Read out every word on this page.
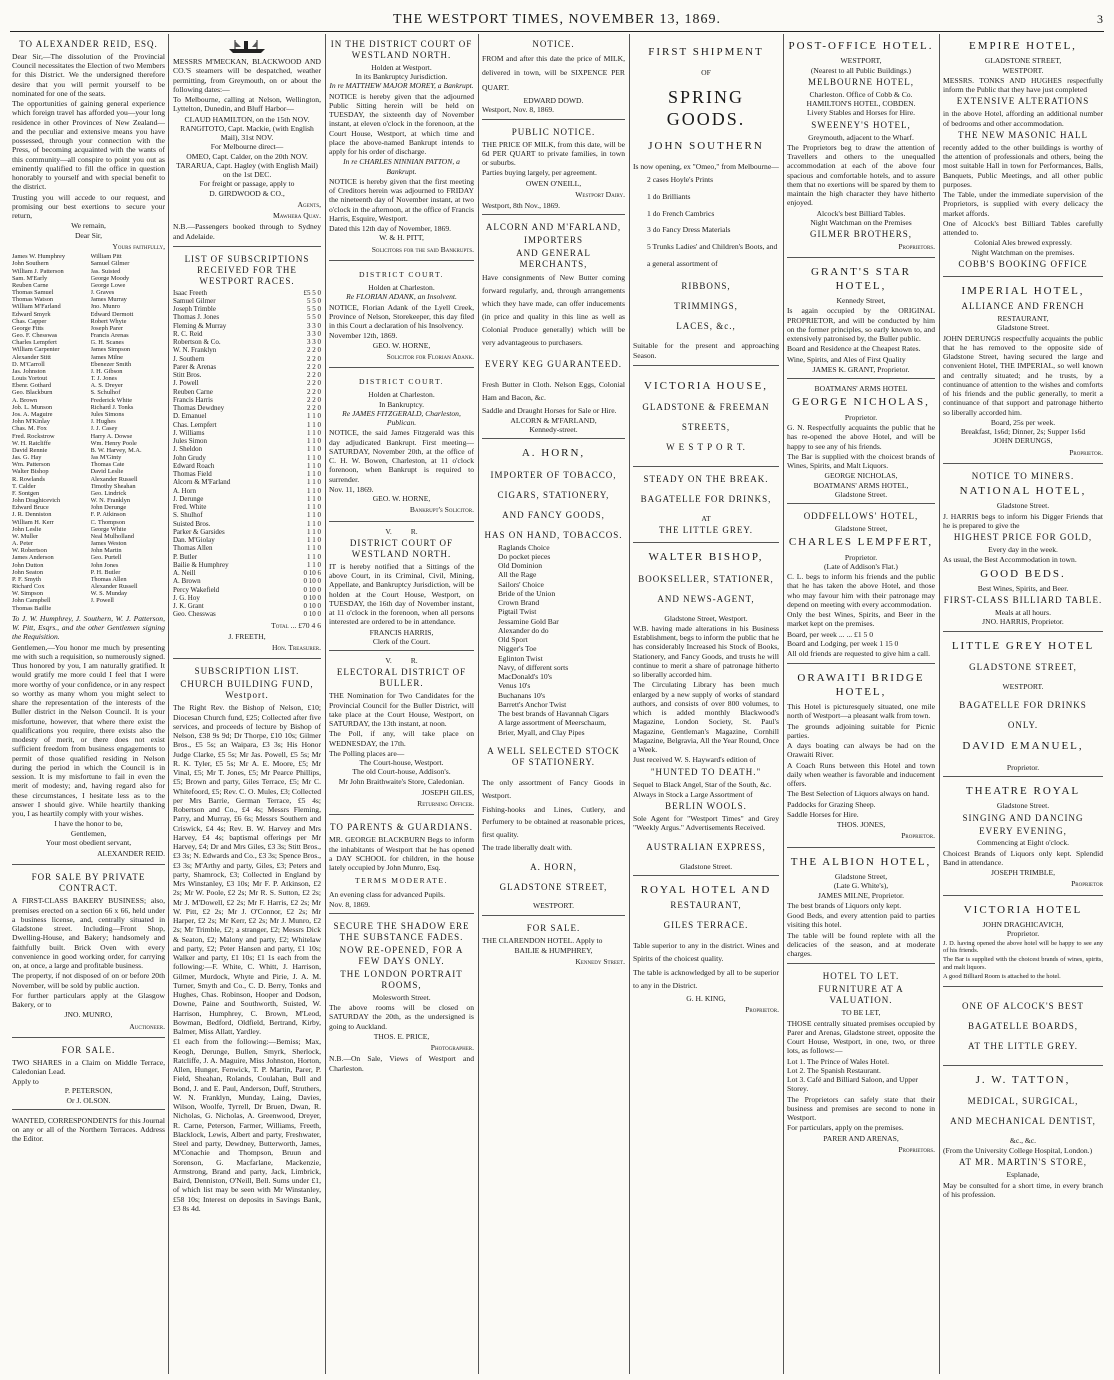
THE WESTPORT TIMES, NOVEMBER 13, 1869.	3
TO ALEXANDER REID, ESQ.

Dear Sir,—The dissolution of the Provincial Council necessitates the Election of two Members for this District. We the undersigned therefore desire that you will permit yourself to be nominated for one of the seats.

The opportunities of gaining general experience which foreign travel has afforded you—your long residence in other Provinces of New Zealand—and the peculiar and extensive means you have possessed, through your connection with the Press, of becoming acquainted with the wants of this community—all conspire to point you out as eminently qualified to fill the office in question honorably to yourself and with special benefit to the district.

Trusting you will accede to our request, and promising our best exertions to secure your return,

We remain,
Dear Sir,
Yours faithfully,
James W. Humphrey	William Pitt
John Southern	Samuel Gilmer
William J. Patterson	Jas. Suisted
Sam. M'Early	George Moody
Reuben Carne	George Lowe
Thomas Samuel	J. Graves
Thomas Watson	James Murray
William M'Farland	Jno. Munro
Edward Smyrk	Edward Dermott
Chas. Capper	Robert Whyte
George Fitts	Joseph Parer
Geo. F. Chesswas	Francis Arenas
Charles Lempfert	G. H. Scanes
William Carpenter	James Simpson
Alexander Stitt	James Milne
D. M'Carroll	Ebenezer Smith
Jas. Johnston	J. H. Gibson
Louis Yortout	T. J. Jones
Ebenr. Gothard	A. S. Dreyer
Geo. Blackburn	S. Schulhof
A. Brown	Frederick White
Job. L. Munson	Richard J. Tonks
Jos. A. Maguire	Jules Simons
John M'Kinlay	J. Hughes
Chas. M. Fox	J. J. Casey
Fred. Rockstrow	Harry A. Dowse
W. H. Ratcliffe	Wm. Henry Poole
David Rennie	B. W. Harvey, M.A.
Jas. G. Hay	Jas M'Ginty
Wm. Patterson	Thomas Cate
Walter Bishop	David Leslie
R. Rowlands	Alexander Russell
T. Calder	Timothy Sheahan
F. Sontgen	Geo. Lindrick
John Draghicevich	W. N. Franklyn
Edward Bruce	John Derunge
J. R. Denniston	F. P. Atkinson
William H. Kerr	C. Thompson
John Leslie	George White
W. Muller	Neal Mulholland
A. Peter	James Weston
W. Robertson	John Martin
James Anderson	Geo. Purtell
John Dutton	John Jones
John Seaton	P. H. Butler
P. F. Smyth	Thomas Allen
Richard Cox	Alexander Russell
W. Simpson	W. S. Munday
John Campbell	J. Powell
Thomas Baillie

To J. W. Humphrey, J. Southern, W. J. Patterson, W. Pitt, Esqrs., and the other Gentlemen signing the Requisition.

Gentlemen,—You honor me much by presenting me with such a requisition, so numerously signed. Thus honored by you, I am naturally gratified. It would gratify me more could I feel that I were more worthy of your confidence, or in any respect so worthy as many whom you might select to share the representation of the interests of the Buller district in the Nelson Council. It is your misfortune, however, that where there exist the qualifications you require, there exists also the modesty of merit, or there does not exist sufficient freedom from business engagements to permit of those qualified residing in Nelson during the period in which the Council is in session. It is my misfortune to fail in even the merit of modesty; and, having regard also for these circumstances, I hesitate less as to the answer I should give. While heartily thanking you, I as heartily comply with your wishes.

I have the honor to be,
Gentlemen,
Your most obedient servant,
ALEXANDER REID.
FOR SALE BY PRIVATE CONTRACT.

A FIRST-CLASS BAKERY BUSINESS; also, premises erected on a section 66 x 66, held under a business license, and, centrally situated in Gladstone street. Including—Front Shop, Dwelling-House, and Bakery; handsomely and faithfully built. Brick Oven with every convenience in good working order, for carrying on, at once, a large and profitable business.

The property, if not disposed of on or before 20th November, will be sold by public auction.

For further particulars apply at the Glasgow Bakery, or to

JNO. MUNRO,
Auctioneer.
FOR SALE.

TWO SHARES in a Claim on Middle Terrace, Caledonian Lead.

Apply to
P. PETERSON,
Or J. OLSON.

WANTED, CORRESPONDENTS for this Journal on any or all of the Northern Terraces. Address the Editor.

MESSRS M'MECKAN, BLACKWOOD AND CO.'S steamers will be despatched, weather permitting, from Greymouth, on or about the following dates:—

To Melbourne, calling at Nelson, Wellington, Lyttelton, Dunedin, and Bluff Harbor—

CLAUD HAMILTON, on the 15th NOV.
RANGITOTO, Capt. Mackie, (with English Mail), 31st NOV.
For Melbourne direct—
OMEO, Capt. Calder, on the 20th NOV.
TARARUA, Capt. Hagley (with English Mail) on the 1st DEC.
For freight or passage, apply to
D. GIRDWOOD & CO.,
Agents,
Mawhera Quay.

N.B.—Passengers booked through to Sydney and Adelaide.

LIST OF SUBSCRIPTIONS RECEIVED FOR THE WESTPORT RACES.
Isaac Freeth	£5 5 0
Samuel Gilmer	5 5 0
Joseph Trimble	5 5 0
Thomas J. Jones	5 5 0
Fleming & Murray	3 3 0
R. C. Reid	3 3 0
Robertson & Co.	3 3 0
W. N. Franklyn	2 2 0
J. Southern	2 2 0
Parer & Arenas	2 2 0
Stitt Bros.	2 2 0
J. Powell	2 2 0
Reuben Carne	2 2 0
Francis Harris	2 2 0
Thomas Dewdney	2 2 0
D. Emanuel	1 1 0
Chas. Lempfert	1 1 0
J. Williams	1 1 0
Jules Simon	1 1 0
J. Sheldon	1 1 0
John Grudy	1 1 0
Edward Roach	1 1 0
Thomas Field	1 1 0
Alcorn & M'Farland	1 1 0
A. Horn	1 1 0
J. Derunge	1 1 0
Fred. White	1 1 0
S. Shulhof	1 1 0
Suisted Bros.	1 1 0
Parker & Garsides	1 1 0
Dan. M'Giolay	1 1 0
Thomas Allen	1 1 0
P. Butler	1 1 0
Bailie & Humphrey	1 1 0
A. Neill	0 10 6
A. Brown	0 10 0
Percy Wakefield	0 10 0
J. G. Hoy	0 10 0
J. K. Grant	0 10 0
Geo. Chesswas	0 10 0
Total ... £70 4 6
J. FREETH,
Hon. Treasurer.
SUBSCRIPTION LIST.
CHURCH BUILDING FUND, Westport.

The Right Rev. the Bishop of Nelson, £10; Diocesan Church fund, £25; Collected after five services, and proceeds of lecture by Bishop of Nelson, £38 9s 9d; Dr Thorpe, £10 10s; Gilmer Bros., £5 5s; an Waipara, £3 3s; His Honor Judge Clarke, £5 5s; Mr Jas. Powell, £5 5s; Mr R. K. Tyler, £5 5s; Mr A. E. Moore, £5; Mr Vinal, £5; Mr T. Jones, £5; Mr Pearce Phillips, £5; Brown and party, Giles Terrace, £5; Mr C. Whitefoord, £5; Rev. C. O. Mules, £3; Collected per Mrs Barrie, German Terrace, £5 4s; Robertson and Co., £4 4s; Messrs Fleming, Parry, and Murray, £6 6s; Messrs Southern and Criswick, £4 4s; Rev. B. W. Harvey and Mrs Harvey, £4 4s; baptismal offerings per Mr Harvey, £4; Dr and Mrs Giles, £3 3s; Stitt Bros., £3 3s; N. Edwards and Co., £3 3s; Spence Bros., £3 3s; M'Arthy and party, Giles, £3; Peters and party, Shamrock, £3; Collected in England by Mrs Winstanley, £3 10s; Mr F. P. Atkinson, £2 2s; Mr W. Poole, £2 2s; Mr R. S. Sutton, £2 2s; Mr J. M'Dowell, £2 2s; Mr F. Harris, £2 2s; Mr W. Pitt, £2 2s; Mr J. O'Connor, £2 2s; Mr Harper, £2 2s; Mr Kerr, £2 2s; Mr J. Munro, £2 2s; Mr Trimble, £2; a stranger, £2; Messrs Dick & Seaton, £2; Malony and party, £2; Whitelaw and party, £2; Peter Hansen and party, £1 10s; Walker and party, £1 10s; £1 1s each from the following:—F. White, C. Whitt, J. Harrison, Gilmer, Murdock, Whyte and Pirie, J. A. M. Turner, Smyth and Co., C. D. Berry, Tonks and Hughes, Chas. Robinson, Hooper and Dodson, Downe, Paine and Southworth, Suisted, W. Harrison, Humphrey, C. Brown, M'Leod, Bowman, Bedford, Oldfield, Bertrand, Kirby, Balmer, Miss Allatt, Yardley.

£1 each from the following:—Bemiss; Max, Keogh, Derunge, Bullen, Smyrk, Sherlock, Ratcliffe, J. A. Maguire, Miss Johnston, Horton, Allen, Hunger, Fenwick, T. P. Martin, Parer, P. Field, Sheahan, Rolands, Coulahan, Bull and Bond, J. and E. Paul, Anderson, Duff, Struthers, W. N. Franklyn, Munday, Laing, Davies, Wilson, Woolfe, Tyrrell, Dr Bruen, Dwan, R. Nicholas, G. Nicholas, A. Greenwood, Dreyer, R. Carne, Peterson, Farmer, Williams, Freeth, Blacklock, Lewis, Albert and party, Freshwater, Steel and party, Dewdney, Butterworth, James, M'Conachie and Thompson, Bruun and Sorenson, G. Macfarlane, Mackenzie, Armstrong, Brand and party, Jack, Limbrick, Baird, Denniston, O'Neill, Bell. Sums under £1, of which list may be seen with Mr Winstanley, £58 10s; Interest on deposits in Savings Bank, £3 8s 4d.

IN THE DISTRICT COURT OF WESTLAND NORTH.
Holden at Westport.
In its Bankruptcy Jurisdiction.
In re MATTHEW MAJOR MOREY, a Bankrupt.

NOTICE is hereby given that the adjourned Public Sitting herein will be held on TUESDAY, the sixteenth day of November instant, at eleven o'clock in the forenoon, at the Court House, Westport, at which time and place the above-named Bankrupt intends to apply for his order of discharge.

In re CHARLES NINNIAN PATTON, a Bankrupt.

NOTICE is hereby given that the first meeting of Creditors herein was adjourned to FRIDAY the nineteenth day of November instant, at two o'clock in the afternoon, at the office of Francis Harris, Esquire, Westport.

Dated this 12th day of November, 1869.
W. & H. PITT,
Solicitors for the said Bankrupts.
DISTRICT COURT.
Holden at Charleston.
Re FLORIAN ADANK, an Insolvent.

NOTICE, Florian Adank of the Lyell Creek, Province of Nelson, Storekeeper, this day filed in this Court a declaration of his Insolvency.

November 12th, 1869.
GEO. W. HORNE,
Solicitor for Florian Adank.
DISTRICT COURT.
Holden at Charleston.
In Bankruptcy.
Re JAMES FITZGERALD, Charleston, Publican.

NOTICE, the said James Fitzgerald was this day adjudicated Bankrupt. First meeting—SATURDAY, November 20th, at the office of C. H. W. Bowen, Charleston, at 11 o'clock forenoon, when Bankrupt is required to surrender.

Nov. 11, 1869.
GEO. W. HORNE,
Bankrupt's Solicitor.
V.          R.
DISTRICT COURT OF WESTLAND NORTH.

IT is hereby notified that a Sittings of the above Court, in its Criminal, Civil, Mining, Appellate, and Bankruptcy Jurisdiction, will be holden at the Court House, Westport, on TUESDAY, the 16th day of November instant, at 11 o'clock in the forenoon, when all persons interested are ordered to be in attendance.

FRANCIS HARRIS,
Clerk of the Court.
V.          R.
ELECTORAL DISTRICT OF BULLER.

THE Nomination for Two Candidates for the Provincial Council for the Buller District, will take place at the Court House, Westport, on SATURDAY, the 13th instant, at noon.

The Poll, if any, will take place on WEDNESDAY, the 17th.

The Polling places are—
The Court-house, Westport.
The old Court-house, Addison's.
Mr John Braithwaite's Store, Caledonian.
JOSEPH GILES,
Returning Officer.
TO PARENTS & GUARDIANS.

MR. GEORGE BLACKBURN Begs to inform the inhabitants of Westport that he has opened a DAY SCHOOL for children, in the house lately occupied by John Munro, Esq.

TERMS MODERATE.

An evening class for advanced Pupils.

Nov. 8, 1869.
SECURE THE SHADOW ERE THE SUBSTANCE FADES.
NOW RE-OPENED, FOR A FEW DAYS ONLY.
THE LONDON PORTRAIT ROOMS,
Molesworth Street.

The above rooms will be closed on SATURDAY the 20th, as the undersigned is going to Auckland.

THOS. E. PRICE,
Photographer.

N.B.—On Sale, Views of Westport and Charleston.

NOTICE.

FROM and after this date the price of MILK, delivered in town, will be SIXPENCE PER QUART.

EDWARD DOWD.
Westport, Nov. 8, 1869.
PUBLIC NOTICE.

THE PRICE OF MILK, from this date, will be 6d PER QUART to private families, in town or suburbs.

Parties buying largely, per agreement.

OWEN O'NEILL,
Westport Dairy.
Westport, 8th Nov., 1869.
ALCORN AND M'FARLAND,
IMPORTERS
AND GENERAL MERCHANTS,

Have consignments of New Butter coming forward regularly, and, through arrangements which they have made, can offer inducements (in price and quality in this line as well as Colonial Produce generally) which will be very advantageous to purchasers.

EVERY KEG GUARANTEED.

Fresh Butter in Cloth. Nelson Eggs, Colonial Ham and Bacon, &c.

Saddle and Draught Horses for Sale or Hire.

ALCORN & M'FARLAND,
Kennedy-street.
A. HORN,
IMPORTER OF TOBACCO,
CIGARS, STATIONERY,
AND FANCY GOODS,
HAS ON HAND, TOBACCOS.
Raglands Choice
Do pocket pieces
Old Dominion
All the Rage
Sailors' Choice
Bride of the Union
Crown Brand
Pigtail Twist
Jessamine Gold Bar
Alexander do do
Old Sport
Nigger's Toe
Eglinton Twist
Navy, of different sorts
MacDonald's 10's
Venus 10's
Buchanans 10's
Barrett's Anchor Twist
The best brands of Havannah Cigars
A large assortment of Meerschaum, Brier, Myall, and Clay Pipes
A WELL SELECTED STOCK OF STATIONERY.

The only assortment of Fancy Goods in Westport.

Fishing-hooks and Lines, Cutlery, and Perfumery to be obtained at reasonable prices, first quality.

The trade liberally dealt with.

A. HORN,
GLADSTONE STREET,
WESTPORT.
FOR SALE.

THE CLARENDON HOTEL. Apply to

BAILIE & HUMPHREY,
Kennedy Street.
FIRST SHIPMENT
OF
SPRING GOODS.
JOHN SOUTHERN

Is now opening, ex "Omeo," from Melbourne—

2 cases Hoyle's Prints
1 do Brilliants
1 do French Cambrics
3 do Fancy Dress Materials
5 Trunks Ladies' and Children's Boots, and a general assortment of
RIBBONS,
TRIMMINGS,
LACES, &c.,

Suitable for the present and approaching Season.

VICTORIA HOUSE,
GLADSTONE & FREEMAN
STREETS,
W E S T P O R T.
STEADY ON THE BREAK.
BAGATELLE FOR DRINKS,
AT
THE LITTLE GREY.
WALTER BISHOP,
BOOKSELLER, STATIONER,
AND NEWS-AGENT,
Gladstone Street, Westport.

W.B. having made alterations in his Business Establishment, begs to inform the public that he has considerably Increased his Stock of Books, Stationery, and Fancy Goods, and trusts he will continue to merit a share of patronage hitherto so liberally accorded him.

The Circulating Library has been much enlarged by a new supply of works of standard authors, and consists of over 800 volumes, to which is added monthly Blackwood's Magazine, London Society, St. Paul's Magazine, Gentleman's Magazine, Cornhill Magazine, Belgravia, All the Year Round, Once a Week.

Just received W. S. Hayward's edition of

"HUNTED TO DEATH."

Sequel to Black Angel, Star of the South, &c.

Always in Stock a Large Assortment of

BERLIN WOOLS.

Sole Agent for "Westport Times" and Grey "Weekly Argus." Advertisements Received.

AUSTRALIAN EXPRESS,
Gladstone Street.
ROYAL HOTEL AND
RESTAURANT,
GILES TERRACE.

Table superior to any in the district. Wines and Spirits of the choicest quality.

The table is acknowledged by all to be superior to any in the District.

G. H. KING,
Proprietor.
POST-OFFICE HOTEL.
WESTPORT,
(Nearest to all Public Buildings.)
MELBOURNE HOTEL,
Charleston. Office of Cobb & Co.
HAMILTON'S HOTEL, COBDEN.
Livery Stables and Horses for Hire.
SWEENEY'S HOTEL,
Greymouth, adjacent to the Wharf.

The Proprietors beg to draw the attention of Travellers and others to the unequalled accommodation at each of the above four spacious and comfortable hotels, and to assure them that no exertions will be spared by them to maintain the high character they have hitherto enjoyed.

Alcock's best Billiard Tables.
Night Watchman on the Premises
GILMER BROTHERS,
Proprietors.
GRANT'S STAR HOTEL,
Kennedy Street,

Is again occupied by the ORIGINAL PROPRIETOR, and will be conducted by him on the former principles, so early known to, and extensively patronised by, the Buller public.

Board and Residence at the Cheapest Rates.

Wine, Spirits, and Ales of First Quality

JAMES K. GRANT, Proprietor.
BOATMANS' ARMS HOTEL
GEORGE NICHOLAS,
Proprietor.

G. N. Respectfully acquaints the public that he has re-opened the above Hotel, and will be happy to see any of his friends.

The Bar is supplied with the choicest brands of Wines, Spirits, and Malt Liquors.

GEORGE NICHOLAS,
BOATMANS' ARMS HOTEL,
Gladstone Street.
ODDFELLOWS' HOTEL,
Gladstone Street,
CHARLES LEMPFERT,
Proprietor.
(Late of Addison's Flat.)

C. L. begs to inform his friends and the public that he has taken the above Hotel, and those who may favour him with their patronage may depend on meeting with every accommodation.

Only the best Wines, Spirits, and Beer in the market kept on the premises.

Board, per week ... ... £1 5 0
Board and Lodging, per week 1 15 0

All old friends are requested to give him a call.

ORAWAITI BRIDGE HOTEL,

This Hotel is picturesquely situated, one mile north of Westport—a pleasant walk from town.

The grounds adjoining suitable for Picnic parties.

A days boating can always be had on the Orawaiti River.

A Coach Runs between this Hotel and town daily when weather is favorable and inducement offers.

The Best Selection of Liquors always on hand.

Paddocks for Grazing Sheep.

Saddle Horses for Hire.

THOS. JONES,
Proprietor.
THE ALBION HOTEL,
Gladstone Street,
(Late G. White's),
JAMES MILNE, Proprietor.

The best brands of Liquors only kept.

Good Beds, and every attention paid to parties visiting this hotel.

The table will be found replete with all the delicacies of the season, and at moderate charges.

HOTEL TO LET.
FURNITURE AT A VALUATION.
TO BE LET,

THOSE centrally situated premises occupied by Parer and Arenas, Gladstone street, opposite the Court House, Westport, in one, two, or three lots, as follows:—

Lot 1. The Prince of Wales Hotel.
Lot 2. The Spanish Restaurant.
Lot 3. Café and Billiard Saloon, and Upper Storey.

The Proprietors can safely state that their business and premises are second to none in Westport.

For particulars, apply on the premises.

PARER AND ARENAS,
Proprietors.
EMPIRE HOTEL,
GLADSTONE STREET,
WESTPORT.

MESSRS. TONKS AND HUGHES respectfully inform the Public that they have just completed

EXTENSIVE ALTERATIONS

in the above Hotel, affording an additional number of bedrooms and other accommodation.

THE NEW MASONIC HALL

recently added to the other buildings is worthy of the attention of professionals and others, being the most suitable Hall in town for Performances, Balls, Banquets, Public Meetings, and all other public purposes.

The Table, under the immediate supervision of the Proprietors, is supplied with every delicacy the market affords.

One of Alcock's best Billiard Tables carefully attended to.

Colonial Ales brewed expressly.
Night Watchman on the premises.
COBB'S BOOKING OFFICE
IMPERIAL HOTEL,
ALLIANCE AND FRENCH
RESTAURANT,
Gladstone Street.

JOHN DERUNGS respectfully acquaints the public that he has removed to the opposite side of Gladstone Street, having secured the large and convenient Hotel, THE IMPERIAL, so well known and centrally situated; and he trusts, by a continuance of attention to the wishes and comforts of his friends and the public generally, to merit a continuance of that support and patronage hitherto so liberally accorded him.

Board, 25s per week.
Breakfast, 1s6d; Dinner, 2s; Supper 1s6d
JOHN DERUNGS,
Proprietor.
NOTICE TO MINERS.
NATIONAL HOTEL,
Gladstone Street.

J. HARRIS begs to inform his Digger Friends that he is prepared to give the

HIGHEST PRICE FOR GOLD,
Every day in the week.

As usual, the Best Accommodation in town.

GOOD BEDS.
Best Wines, Spirits, and Beer.
FIRST-CLASS BILLIARD TABLE.
Meals at all hours.
JNO. HARRIS, Proprietor.
LITTLE GREY HOTEL
GLADSTONE STREET,
WESTPORT.
BAGATELLE FOR DRINKS
ONLY.
DAVID EMANUEL,
Proprietor.
THEATRE ROYAL
Gladstone Street.
SINGING AND DANCING
EVERY EVENING,
Commencing at Eight o'clock.

Choicest Brands of Liquors only kept. Splendid Band in attendance.

JOSEPH TRIMBLE,
Proprietor
VICTORIA HOTEL
JOHN DRAGHICAVICH,
Proprietor.

J. D. having opened the above hotel will be happy to see any of his friends.

The Bar is supplied with the choicest brands of wines, spirits, and malt liquors.

A good Billiard Room is attached to the hotel.

ONE OF ALCOCK'S BEST
BAGATELLE BOARDS,
AT THE LITTLE GREY.
J. W. TATTON,
MEDICAL, SURGICAL,
AND MECHANICAL DENTIST,
&c., &c.

(From the University College Hospital, London.)

AT MR. MARTIN'S STORE,
Esplanade,

May be consulted for a short time, in every branch of his profession.
